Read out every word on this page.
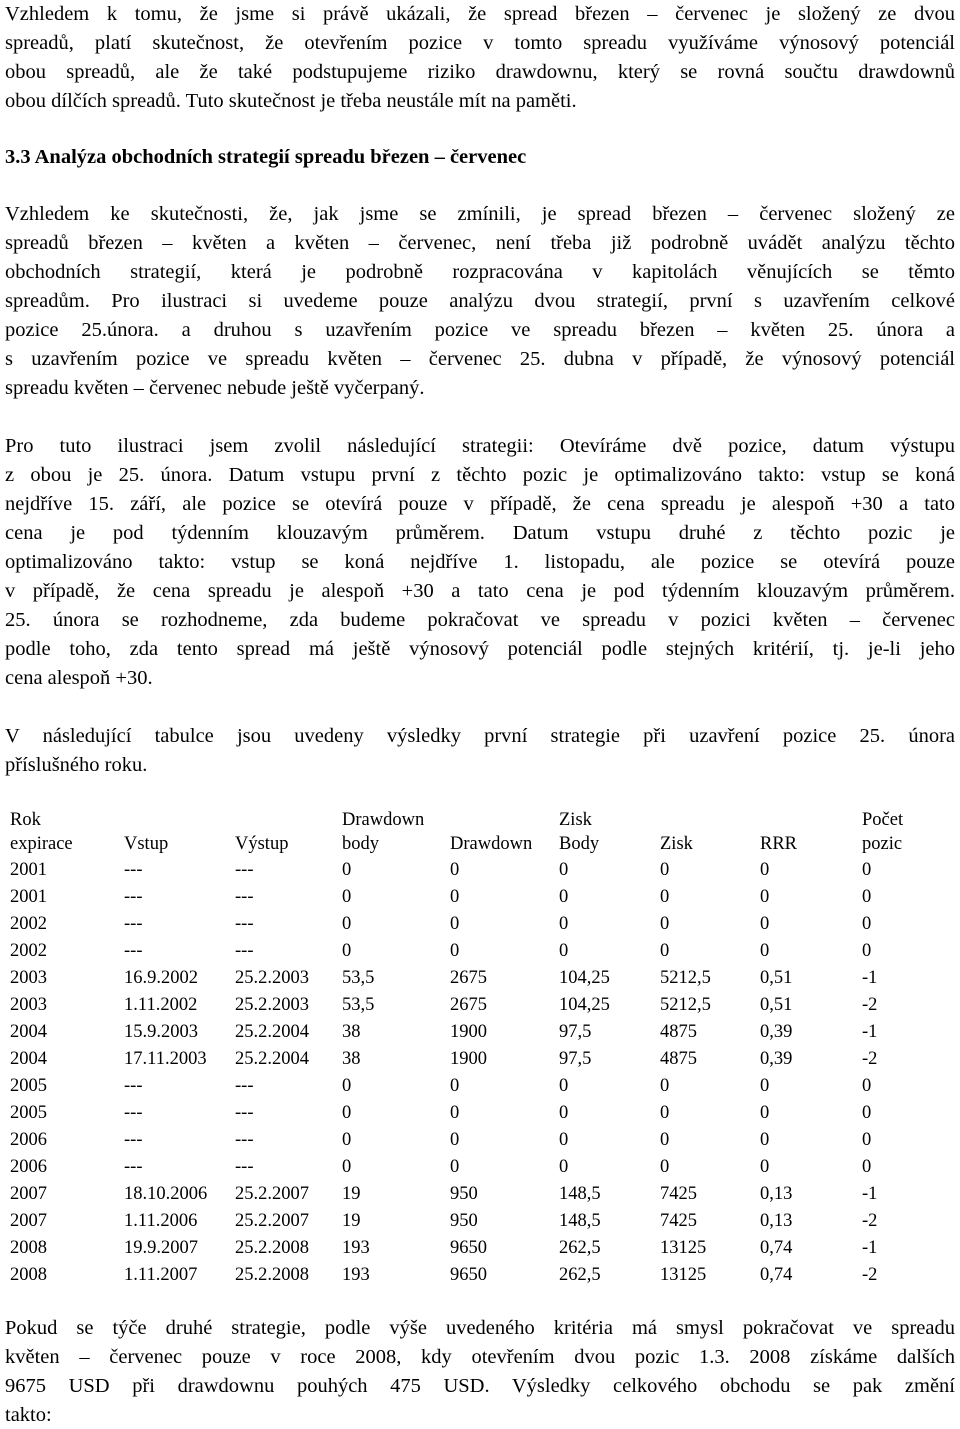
Vzhledem k tomu, že jsme si právě ukázali, že spread březen – červenec je složený ze dvou
spreadů, platí skutečnost, že otevřením pozice v tomto spreadu využíváme výnosový potenciál
obou spreadů, ale že také podstupujeme riziko drawdownu, který se rovná součtu drawdownů
obou dílčích spreadů. Tuto skutečnost je třeba neustále mít na paměti.
3.3 Analýza obchodních strategií spreadu březen – červenec
Vzhledem ke skutečnosti, že, jak jsme se zmínili, je spread březen – červenec složený ze
spreadů březen – květen a květen – červenec, není třeba již podrobně uvádět analýzu těchto
obchodních strategií, která je podrobně rozpracována v kapitolách věnujících se těmto
spreadům. Pro ilustraci si uvedeme pouze analýzu dvou strategií, první s uzavřením celkové
pozice 25.února. a druhou s uzavřením pozice ve spreadu březen – květen 25. února a
s uzavřením pozice ve spreadu květen – červenec 25. dubna v případě, že výnosový potenciál
spreadu květen – červenec nebude ještě vyčerpaný.
Pro tuto ilustraci jsem zvolil následující strategii: Otevíráme dvě pozice, datum výstupu
z obou je 25. února. Datum vstupu první z těchto pozic je optimalizováno takto: vstup se koná
nejdříve 15. září, ale pozice se otevírá pouze v případě, že cena spreadu je alespoň +30 a tato
cena je pod týdenním klouzavým průměrem. Datum vstupu druhé z těchto pozic je
optimalizováno takto: vstup se koná nejdříve 1. listopadu, ale pozice se otevírá pouze
v případě, že cena spreadu je alespoň +30 a tato cena je pod týdenním klouzavým průměrem.
25. února se rozhodneme, zda budeme pokračovat ve spreadu v pozici květen – červenec
podle toho, zda tento spread má ještě výnosový potenciál podle stejných kritérií, tj. je-li jeho
cena alespoň +30.
V následující tabulce jsou uvedeny výsledky první strategie při uzavření pozice 25. února
příslušného roku.
Rok
expirace	Vstup	Výstup
Drawdown
body	Drawdown
Zisk
Body	Zisk	RRR
Počet
pozic
2001	---	---	0	0	0	0	0	0
2001	---	---	0	0	0	0	0	0
2002	---	---	0	0	0	0	0	0
2002	---	---	0	0	0	0	0	0
2003	16.9.2002 25.2.2003 53,5	2675	104,25	5212,5	0,51	-1
2003	1.11.2002 25.2.2003 53,5	2675	104,25	5212,5	0,51	-2
2004	15.9.2003 25.2.2004 38	1900	97,5	4875	0,39	-1
2004	17.11.2003 25.2.2004 38	1900	97,5	4875	0,39	-2
2005	---	---	0	0	0	0	0	0
2005	---	---	0	0	0	0	0	0
2006	---	---	0	0	0	0	0	0
2006	---	---	0	0	0	0	0	0
2007	18.10.2006 25.2.2007 19	950	148,5	7425	0,13	-1
2007	1.11.2006 25.2.2007 19	950	148,5	7425	0,13	-2
2008	19.9.2007 25.2.2008 193	9650	262,5	13125	0,74	-1
2008	1.11.2007 25.2.2008 193	9650	262,5	13125	0,74	-2
Pokud se týče druhé strategie, podle výše uvedeného kritéria má smysl pokračovat ve spreadu
květen – červenec pouze v roce 2008, kdy otevřením dvou pozic 1.3. 2008 získáme dalších
9675 USD při drawdownu pouhých 475 USD. Výsledky celkového obchodu se pak změní
takto:
